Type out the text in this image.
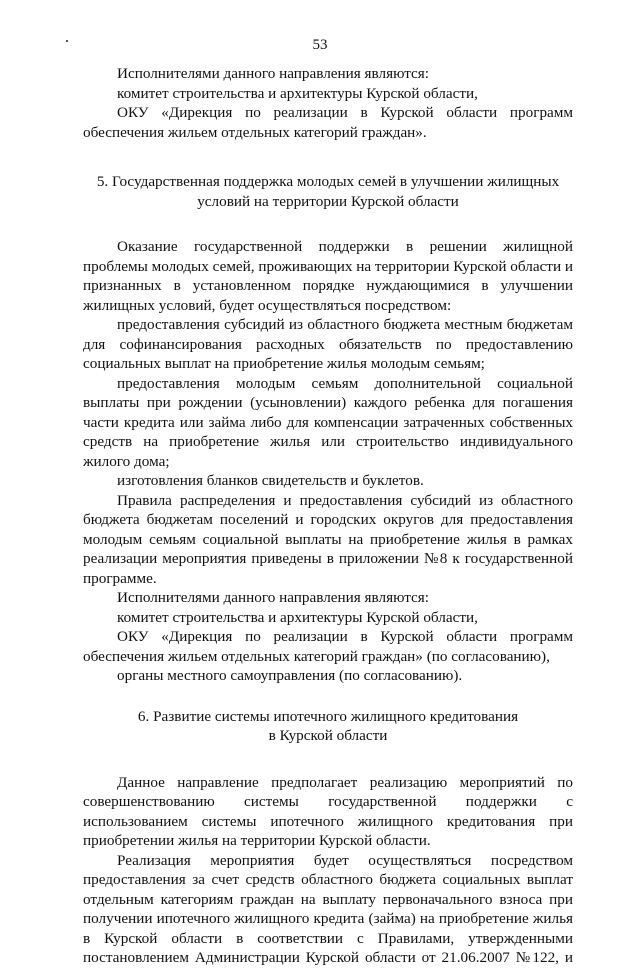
53

Исполнителями данного направления являются:

комитет строительства и архитектуры Курской области,

ОКУ «Дирекция по реализации в Курской области программ обеспечения жильем отдельных категорий граждан».

5. Государственная поддержка молодых семей в улучшении жилищных
условий на территории Курской области

Оказание государственной поддержки в решении жилищной проблемы молодых семей, проживающих на территории Курской области и признанных в установленном порядке нуждающимися в улучшении жилищных условий, будет осуществляться посредством:

предоставления субсидий из областного бюджета местным бюджетам для софинансирования расходных обязательств по предоставлению социальных выплат на приобретение жилья молодым семьям;

предоставления молодым семьям дополнительной социальной выплаты при рождении (усыновлении) каждого ребенка для погашения части кредита или займа либо для компенсации затраченных собственных средств на приобретение жилья или строительство индивидуального жилого дома;

изготовления бланков свидетельств и буклетов.

Правила распределения и предоставления субсидий из областного бюджета бюджетам поселений и городских округов для предоставления молодым семьям социальной выплаты на приобретение жилья в рамках реализации мероприятия приведены в приложении №8 к государственной программе.

Исполнителями данного направления являются:

комитет строительства и архитектуры Курской области,

ОКУ «Дирекция по реализации в Курской области программ обеспечения жильем отдельных категорий граждан» (по согласованию),

органы местного самоуправления (по согласованию).

6. Развитие системы ипотечного жилищного кредитования
в Курской области

Данное направление предполагает реализацию мероприятий по совершенствованию системы государственной поддержки с использованием системы ипотечного жилищного кредитования при приобретении жилья на территории Курской области.

Реализация мероприятия будет осуществляться посредством предоставления за счет средств областного бюджета социальных выплат отдельным категориям граждан на выплату первоначального взноса при получении ипотечного жилищного кредита (займа) на приобретение жилья в Курской области в соответствии с Правилами, утвержденными постановлением Администрации Курской области от 21.06.2007 №122, и
